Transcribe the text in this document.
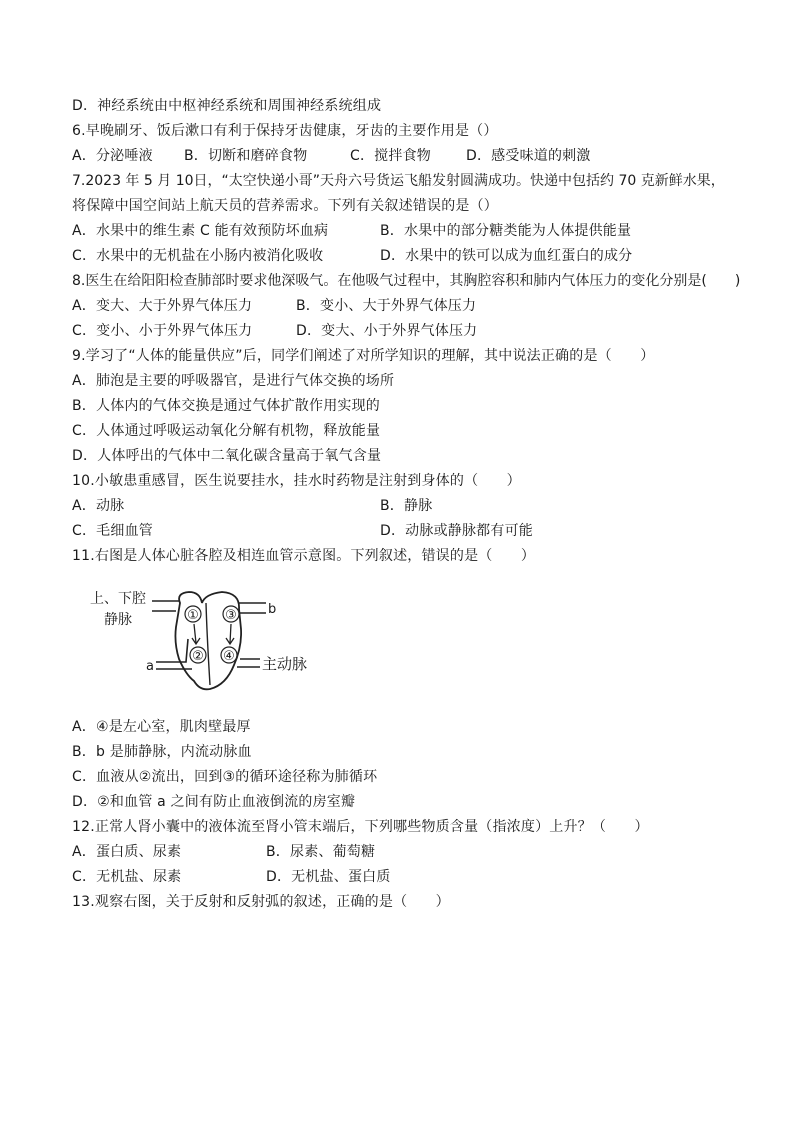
D．神经系统由中枢神经系统和周围神经系统组成
6.早晚刷牙、饭后漱口有利于保持牙齿健康，牙齿的主要作用是（）
A．分泌唾液 B．切断和磨碎食物	C．搅拌食物	D．感受味道的刺激
7.2023 年 5 月 10日，“太空快递小哥”天舟六号货运飞船发射圆满成功。快递中包括约 70 克新鲜水果，
将保障中国空间站上航天员的营养需求。下列有关叙述错误的是（）
A．水果中的维生素 C 能有效预防坏血病	B．水果中的部分糖类能为人体提供能量
C．水果中的无机盐在小肠内被消化吸收	D．水果中的铁可以成为血红蛋白的成分
8.医生在给阳阳检查肺部时要求他深吸气。在他吸气过程中，其胸腔容积和肺内气体压力的变化分别是(　　)
A．变大、大于外界气体压力	B．变小、大于外界气体压力
C．变小、小于外界气体压力	D．变大、小于外界气体压力
9.学习了“人体的能量供应”后，同学们阐述了对所学知识的理解，其中说法正确的是（　　）
A．肺泡是主要的呼吸器官，是进行气体交换的场所
B．人体内的气体交换是通过气体扩散作用实现的
C．人体通过呼吸运动氧化分解有机物，释放能量
D．人体呼出的气体中二氧化碳含量高于氧气含量
10.小敏患重感冒，医生说要挂水，挂水时药物是注射到身体的（　　）
A．动脉	B．静脉
C．毛细血管	D．动脉或静脉都有可能
11.右图是人体心脏各腔及相连血管示意图。下列叙述，错误的是（　　）
上、下腔
静脉
b
a	主动脉
① ③
② ④
A．④是左心室，肌肉壁最厚
B．b 是肺静脉，内流动脉血
C．血液从②流出，回到③的循环途径称为肺循环
D．②和血管 a 之间有防止血液倒流的房室瓣
12.正常人肾小囊中的液体流至肾小管末端后，下列哪些物质含量（指浓度）上升？（　　）
A．蛋白质、尿素	B．尿素、葡萄糖
C．无机盐、尿素	D．无机盐、蛋白质
13.观察右图，关于反射和反射弧的叙述，正确的是（　　）
